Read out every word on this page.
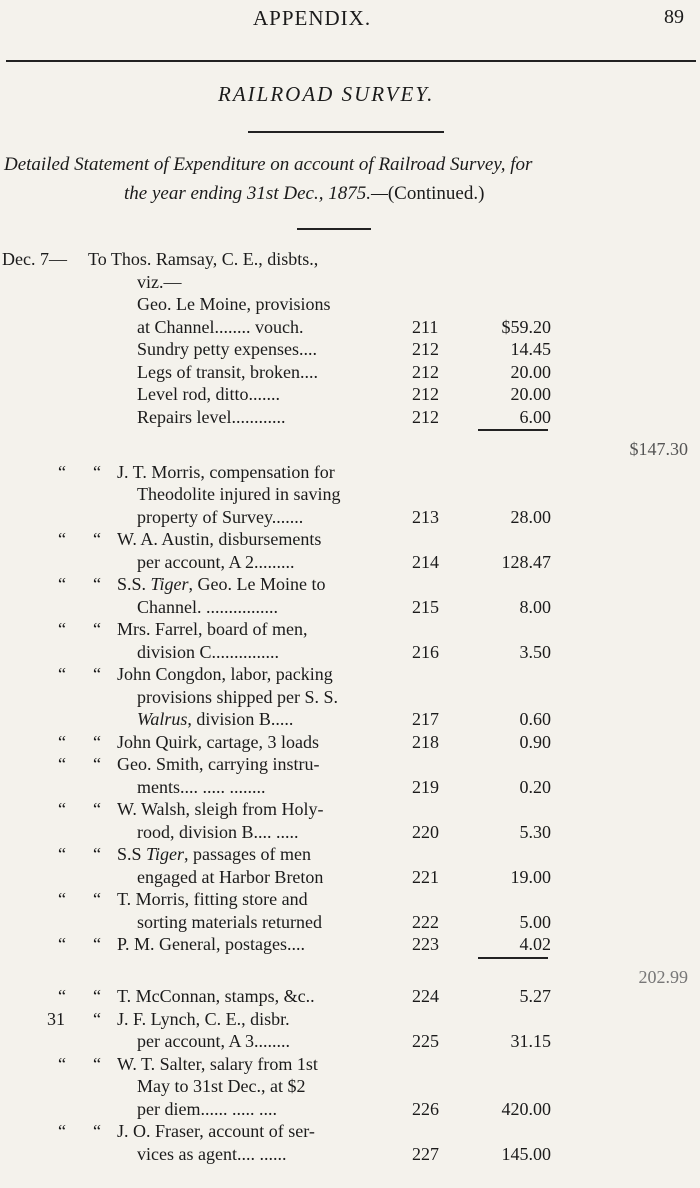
APPENDIX.	89
RAILROAD SURVEY.
Detailed Statement of Expenditure on account of Railroad Survey, for
the year ending 31st Dec., 1875.—(Continued.)
Dec. 7— To Thos. Ramsay, C. E., disbts.,
viz.—
Geo. Le Moine, provisions
at Channel........ vouch.	211	$59.20
Sundry petty expenses....	212	14.45
Legs of transit, broken....	212	20.00
Level rod, ditto.......	212	20.00
Repairs level............	212	6.00
$147.30
“ “ J. T. Morris, compensation for
Theodolite injured in saving
property of Survey.......	213	28.00
“ “ W. A. Austin, disbursements
per account, A 2.........	214	128.47
“ “ S.S. Tiger, Geo. Le Moine to
Channel. ................	215	8.00
“ “ Mrs. Farrel, board of men,
division C...............	216	3.50
“ “ John Congdon, labor, packing
provisions shipped per S. S.
Walrus, division B.....	217	0.60
“ “ John Quirk, cartage, 3 loads	218	0.90
“ “ Geo. Smith, carrying instru-
ments.... ..... ........	219	0.20
“ “ W. Walsh, sleigh from Holy-
rood, division B.... .....	220	5.30
“ “ S.S Tiger, passages of men
engaged at Harbor Breton	221	19.00
“ “ T. Morris, fitting store and
sorting materials returned	222	5.00
“ “ P. M. General, postages....	223	4.02
202.99
“ “ T. McConnan, stamps, &c..	224	5.27
31 “ J. F. Lynch, C. E., disbr.
per account, A 3........	225	31.15
“ “ W. T. Salter, salary from 1st
May to 31st Dec., at $2
per diem...... ..... ....	226	420.00
“ “ J. O. Fraser, account of ser-
vices as agent.... ......	227	145.00
